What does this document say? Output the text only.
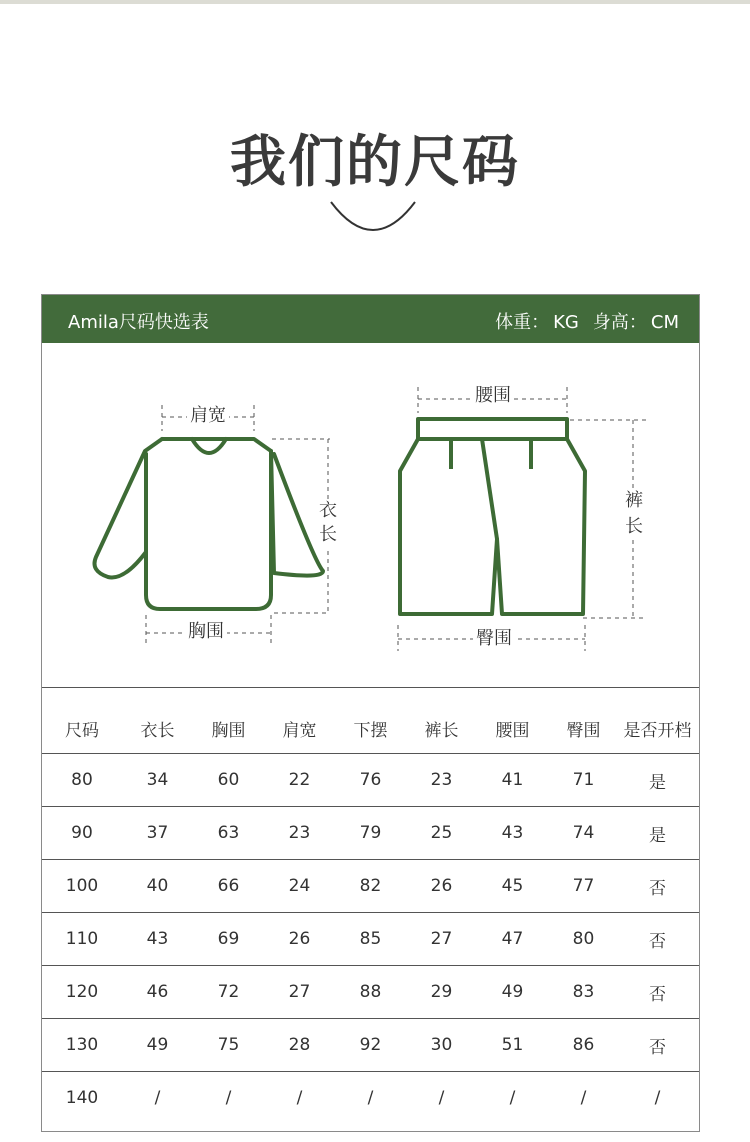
我们的尺码
Amila尺码快选表	体重： KG 身高： CM
肩宽
衣
长
胸围
腰围
裤
长
臀围
尺码	衣长	胸围	肩宽	下摆	裤长	腰围	臀围	是否开档
80	34	60	22	76	23	41	71	是
90	37	63	23	79	25	43	74	是
100	40	66	24	82	26	45	77	否
110	43	69	26	85	27	47	80	否
120	46	72	27	88	29	49	83	否
130	49	75	28	92	30	51	86	否
140	/	/	/	/	/	/	/	/
